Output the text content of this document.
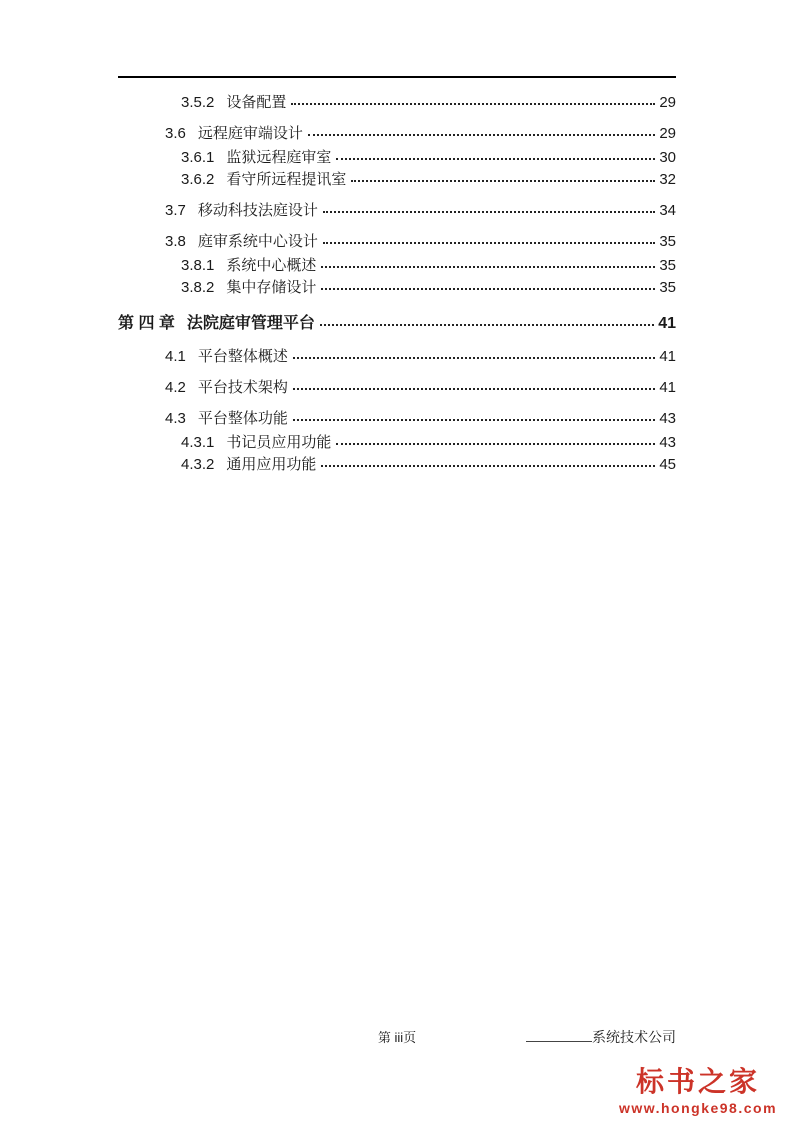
3.5.2 设备配置	29
3.6 远程庭审端设计	29
3.6.1 监狱远程庭审室	30
3.6.2 看守所远程提讯室	32
3.7 移动科技法庭设计	34
3.8 庭审系统中心设计	35
3.8.1 系统中心概述	35
3.8.2 集中存储设计	35
第 四 章 法院庭审管理平台	41
4.1 平台整体概述	41
4.2 平台技术架构	41
4.3 平台整体功能	43
4.3.1 书记员应用功能	43
4.3.2 通用应用功能	45
第 iii页	系统技术公司
标书之家
www.hongke98.com
